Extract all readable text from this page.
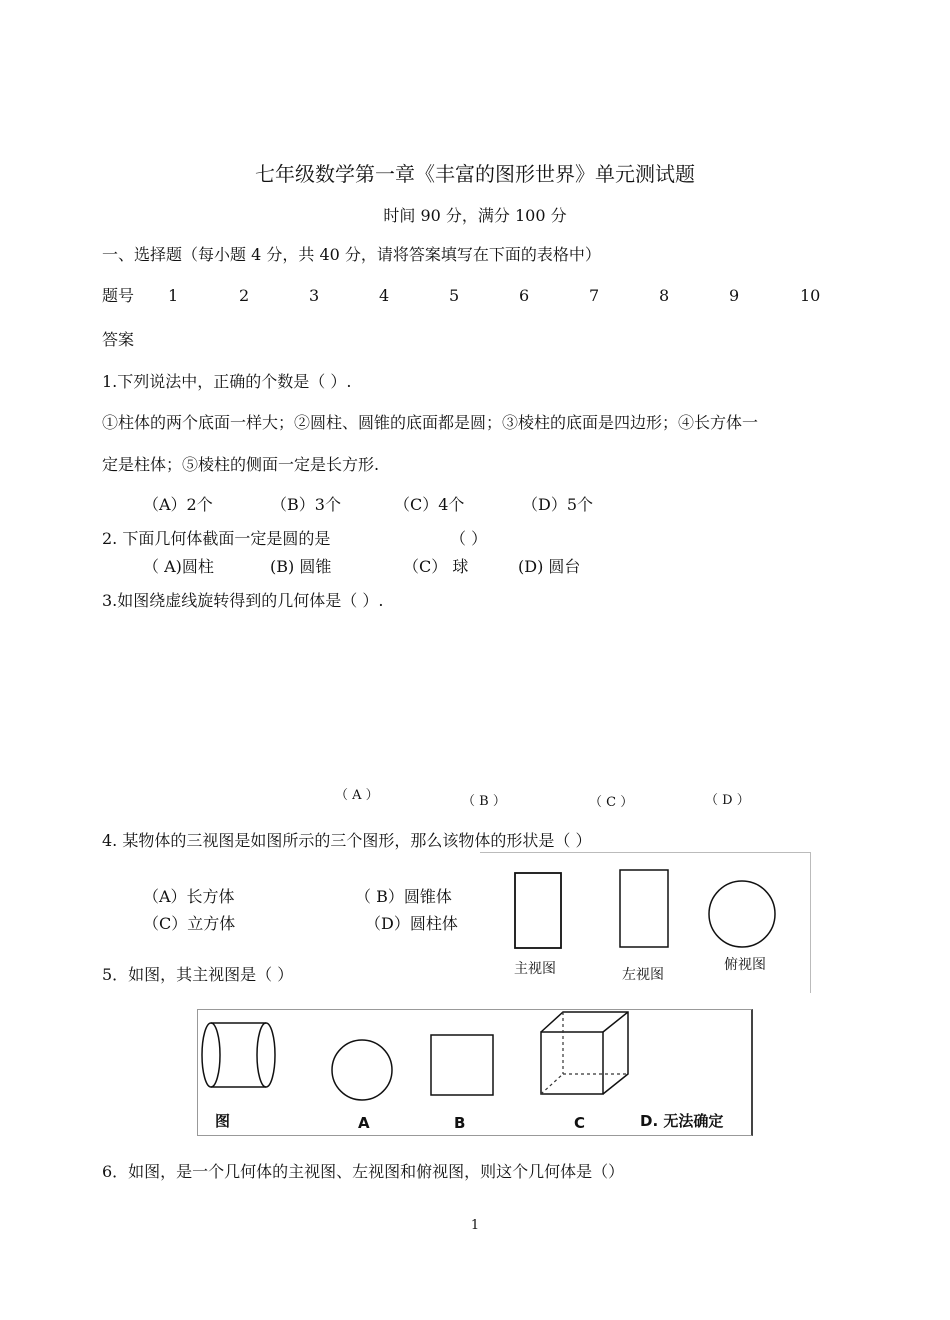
七年级数学第一章《丰富的图形世界》单元测试题
时间 90 分，满分 100 分
一、选择题（每小题 4 分，共 40 分，请将答案填写在下面的表格中）
题号 1	2	3	4	5	6	7	8	9	10
答案
1.下列说法中，正确的个数是（ ）.
①柱体的两个底面一样大；②圆柱、圆锥的底面都是圆；③棱柱的底面是四边形；④长方体一
定是柱体；⑤棱柱的侧面一定是长方形.
（A）2个	（B）3个	（C）4个	（D）5个
2. 下面几何体截面一定是圆的是	（ ）
（ A)圆柱	(B) 圆锥	（C） 球	(D) 圆台
3.如图绕虚线旋转得到的几何体是（ ）.
（ A ）	（ B ）	（ C ）	（ D ）
4. 某物体的三视图是如图所示的三个图形，那么该物体的形状是（ ）
（A）长方体	（ B）圆锥体
（C）立方体	（D）圆柱体
主视图	左视图
俯视图
5．如图，其主视图是（ ）
图	A	B	C	D. 无法确定
6．如图，是一个几何体的主视图、左视图和俯视图，则这个几何体是（）
1
